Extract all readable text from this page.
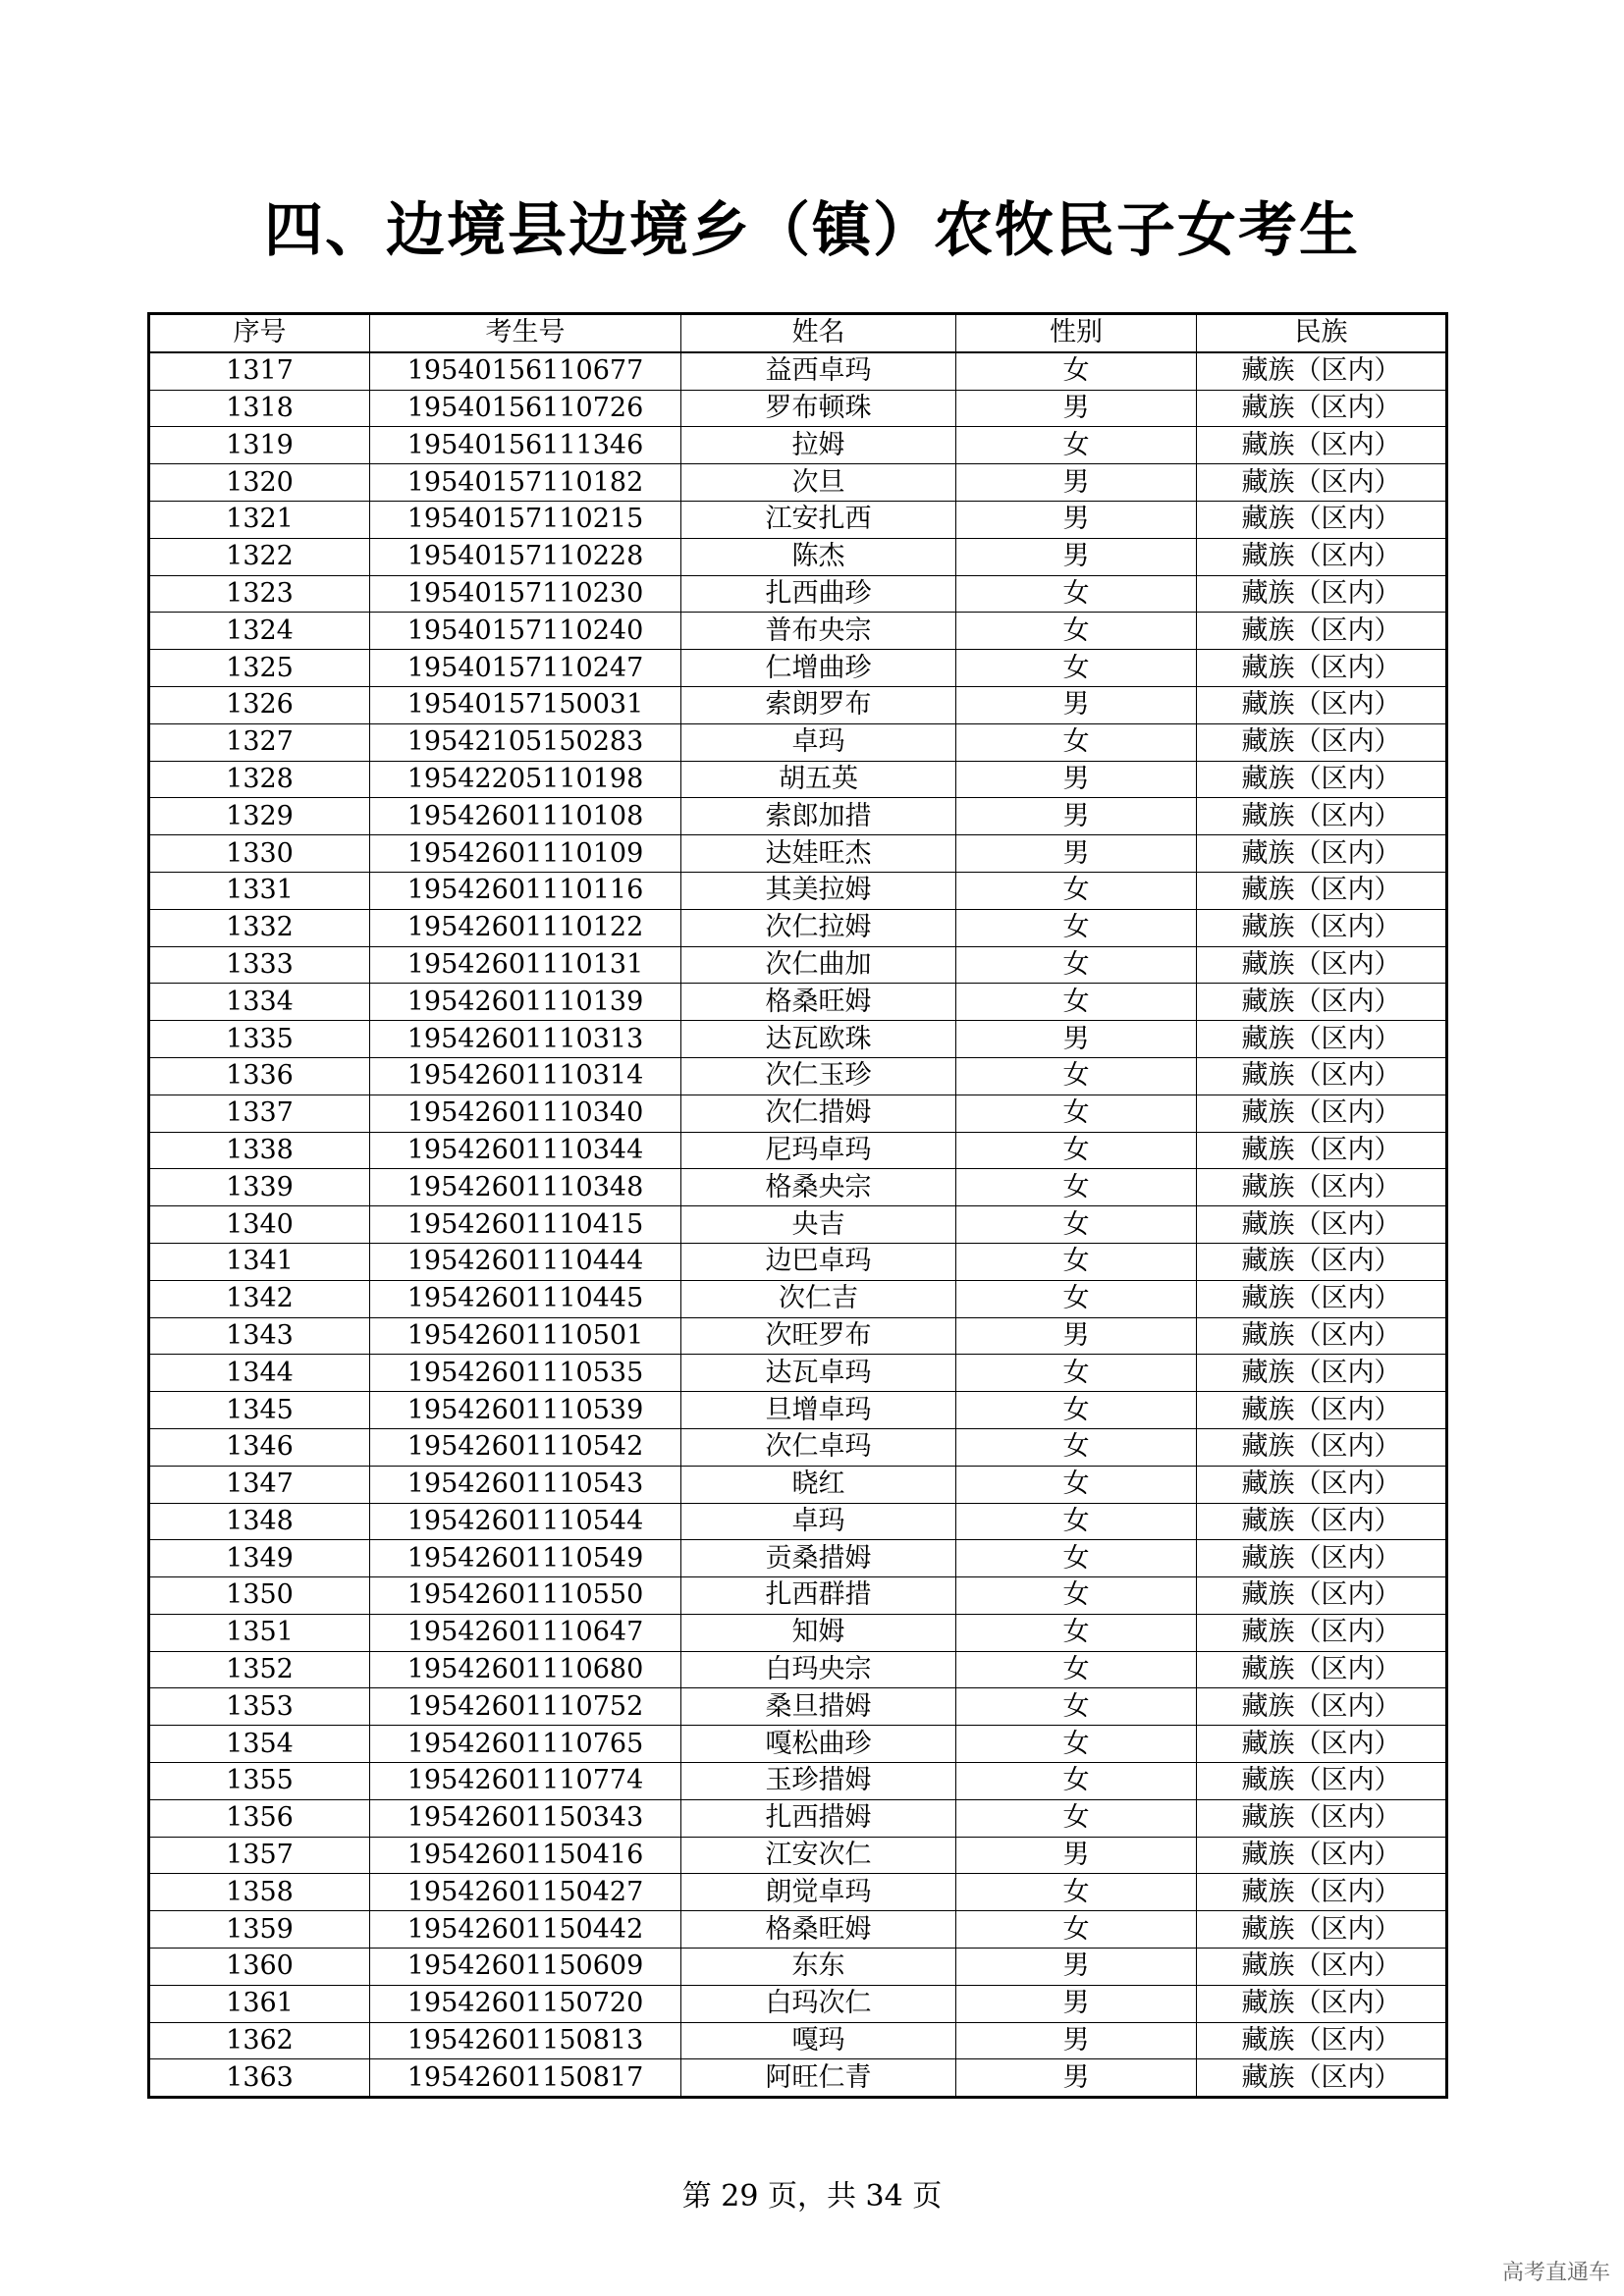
四、边境县边境乡（镇）农牧民子女考生
序号	考生号	姓名	性别	民族
1317	19540156110677	益西卓玛	女	藏族（区内）
1318	19540156110726	罗布顿珠	男	藏族（区内）
1319	19540156111346	拉姆	女	藏族（区内）
1320	19540157110182	次旦	男	藏族（区内）
1321	19540157110215	江安扎西	男	藏族（区内）
1322	19540157110228	陈杰	男	藏族（区内）
1323	19540157110230	扎西曲珍	女	藏族（区内）
1324	19540157110240	普布央宗	女	藏族（区内）
1325	19540157110247	仁增曲珍	女	藏族（区内）
1326	19540157150031	索朗罗布	男	藏族（区内）
1327	19542105150283	卓玛	女	藏族（区内）
1328	19542205110198	胡五英	男	藏族（区内）
1329	19542601110108	索郎加措	男	藏族（区内）
1330	19542601110109	达娃旺杰	男	藏族（区内）
1331	19542601110116	其美拉姆	女	藏族（区内）
1332	19542601110122	次仁拉姆	女	藏族（区内）
1333	19542601110131	次仁曲加	女	藏族（区内）
1334	19542601110139	格桑旺姆	女	藏族（区内）
1335	19542601110313	达瓦欧珠	男	藏族（区内）
1336	19542601110314	次仁玉珍	女	藏族（区内）
1337	19542601110340	次仁措姆	女	藏族（区内）
1338	19542601110344	尼玛卓玛	女	藏族（区内）
1339	19542601110348	格桑央宗	女	藏族（区内）
1340	19542601110415	央吉	女	藏族（区内）
1341	19542601110444	边巴卓玛	女	藏族（区内）
1342	19542601110445	次仁吉	女	藏族（区内）
1343	19542601110501	次旺罗布	男	藏族（区内）
1344	19542601110535	达瓦卓玛	女	藏族（区内）
1345	19542601110539	旦增卓玛	女	藏族（区内）
1346	19542601110542	次仁卓玛	女	藏族（区内）
1347	19542601110543	晓红	女	藏族（区内）
1348	19542601110544	卓玛	女	藏族（区内）
1349	19542601110549	贡桑措姆	女	藏族（区内）
1350	19542601110550	扎西群措	女	藏族（区内）
1351	19542601110647	知姆	女	藏族（区内）
1352	19542601110680	白玛央宗	女	藏族（区内）
1353	19542601110752	桑旦措姆	女	藏族（区内）
1354	19542601110765	嘎松曲珍	女	藏族（区内）
1355	19542601110774	玉珍措姆	女	藏族（区内）
1356	19542601150343	扎西措姆	女	藏族（区内）
1357	19542601150416	江安次仁	男	藏族（区内）
1358	19542601150427	朗觉卓玛	女	藏族（区内）
1359	19542601150442	格桑旺姆	女	藏族（区内）
1360	19542601150609	东东	男	藏族（区内）
1361	19542601150720	白玛次仁	男	藏族（区内）
1362	19542601150813	嘎玛	男	藏族（区内）
1363	19542601150817	阿旺仁青	男	藏族（区内）
第 29 页，共 34 页
高考直通车
